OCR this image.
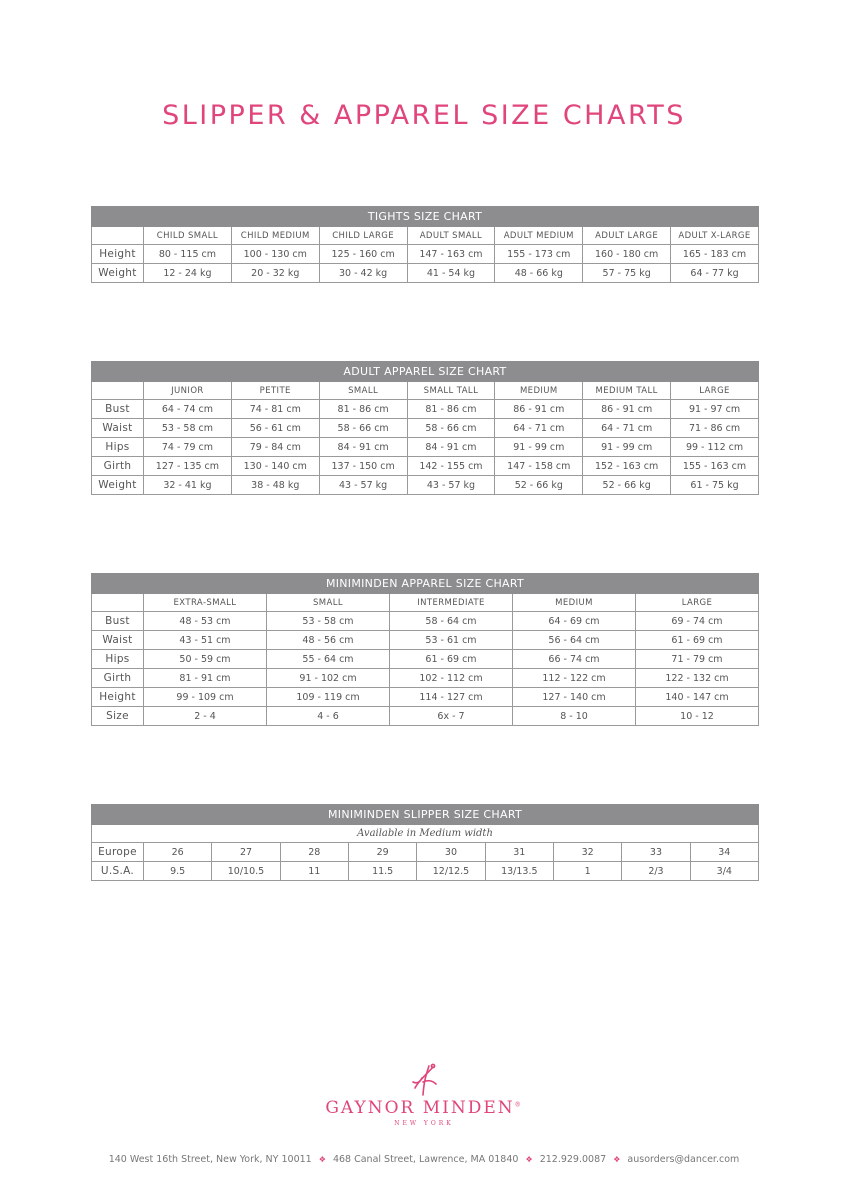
SLIPPER & APPAREL SIZE CHARTS
TIGHTS SIZE CHART							
	CHILD SMALL	CHILD MEDIUM	CHILD LARGE	ADULT SMALL	ADULT MEDIUM	ADULT LARGE	ADULT X-LARGE
Height	80 - 115 cm	100 - 130 cm	125 - 160 cm	147 - 163 cm	155 - 173 cm	160 - 180 cm	165 - 183 cm
Weight	12 - 24 kg	20 - 32 kg	30 - 42 kg	41 - 54 kg	48 - 66 kg	57 - 75 kg	64 - 77 kg
ADULT APPAREL SIZE CHART							
	JUNIOR	PETITE	SMALL	SMALL TALL	MEDIUM	MEDIUM TALL	LARGE
Bust	64 - 74 cm	74 - 81 cm	81 - 86 cm	81 - 86 cm	86 - 91 cm	86 - 91 cm	91 - 97 cm
Waist	53 - 58 cm	56 - 61 cm	58 - 66 cm	58 - 66 cm	64 - 71 cm	64 - 71 cm	71 - 86 cm
Hips	74 - 79 cm	79 - 84 cm	84 - 91 cm	84 - 91 cm	91 - 99 cm	91 - 99 cm	99 - 112 cm
Girth	127 - 135 cm	130 - 140 cm	137 - 150 cm	142 - 155 cm	147 - 158 cm	152 - 163 cm	155 - 163 cm
Weight	32 - 41 kg	38 - 48 kg	43 - 57 kg	43 - 57 kg	52 - 66 kg	52 - 66 kg	61 - 75 kg
MINIMINDEN APPAREL SIZE CHART					
	EXTRA-SMALL	SMALL	INTERMEDIATE	MEDIUM	LARGE
Bust	48 - 53 cm	53 - 58 cm	58 - 64 cm	64 - 69 cm	69 - 74 cm
Waist	43 - 51 cm	48 - 56 cm	53 - 61 cm	56 - 64 cm	61 - 69 cm
Hips	50 - 59 cm	55 - 64 cm	61 - 69 cm	66 - 74 cm	71 - 79 cm
Girth	81 - 91 cm	91 - 102 cm	102 - 112 cm	112 - 122 cm	122 - 132 cm
Height	99 - 109 cm	109 - 119 cm	114 - 127 cm	127 - 140 cm	140 - 147 cm
Size	2 - 4	4 - 6	6x - 7	8 - 10	10 - 12
MINIMINDEN SLIPPER SIZE CHART									
Available in Medium width									
Europe	26	27	28	29	30	31	32	33	34
U.S.A.	9.5	10/10.5	11	11.5	12/12.5	13/13.5	1	2/3	3/4
GAYNOR MINDEN®
NEW YORK
140 West 16th Street, New York, NY 10011 ❖ 468 Canal Street, Lawrence, MA 01840 ❖ 212.929.0087 ❖ ausorders@dancer.com
